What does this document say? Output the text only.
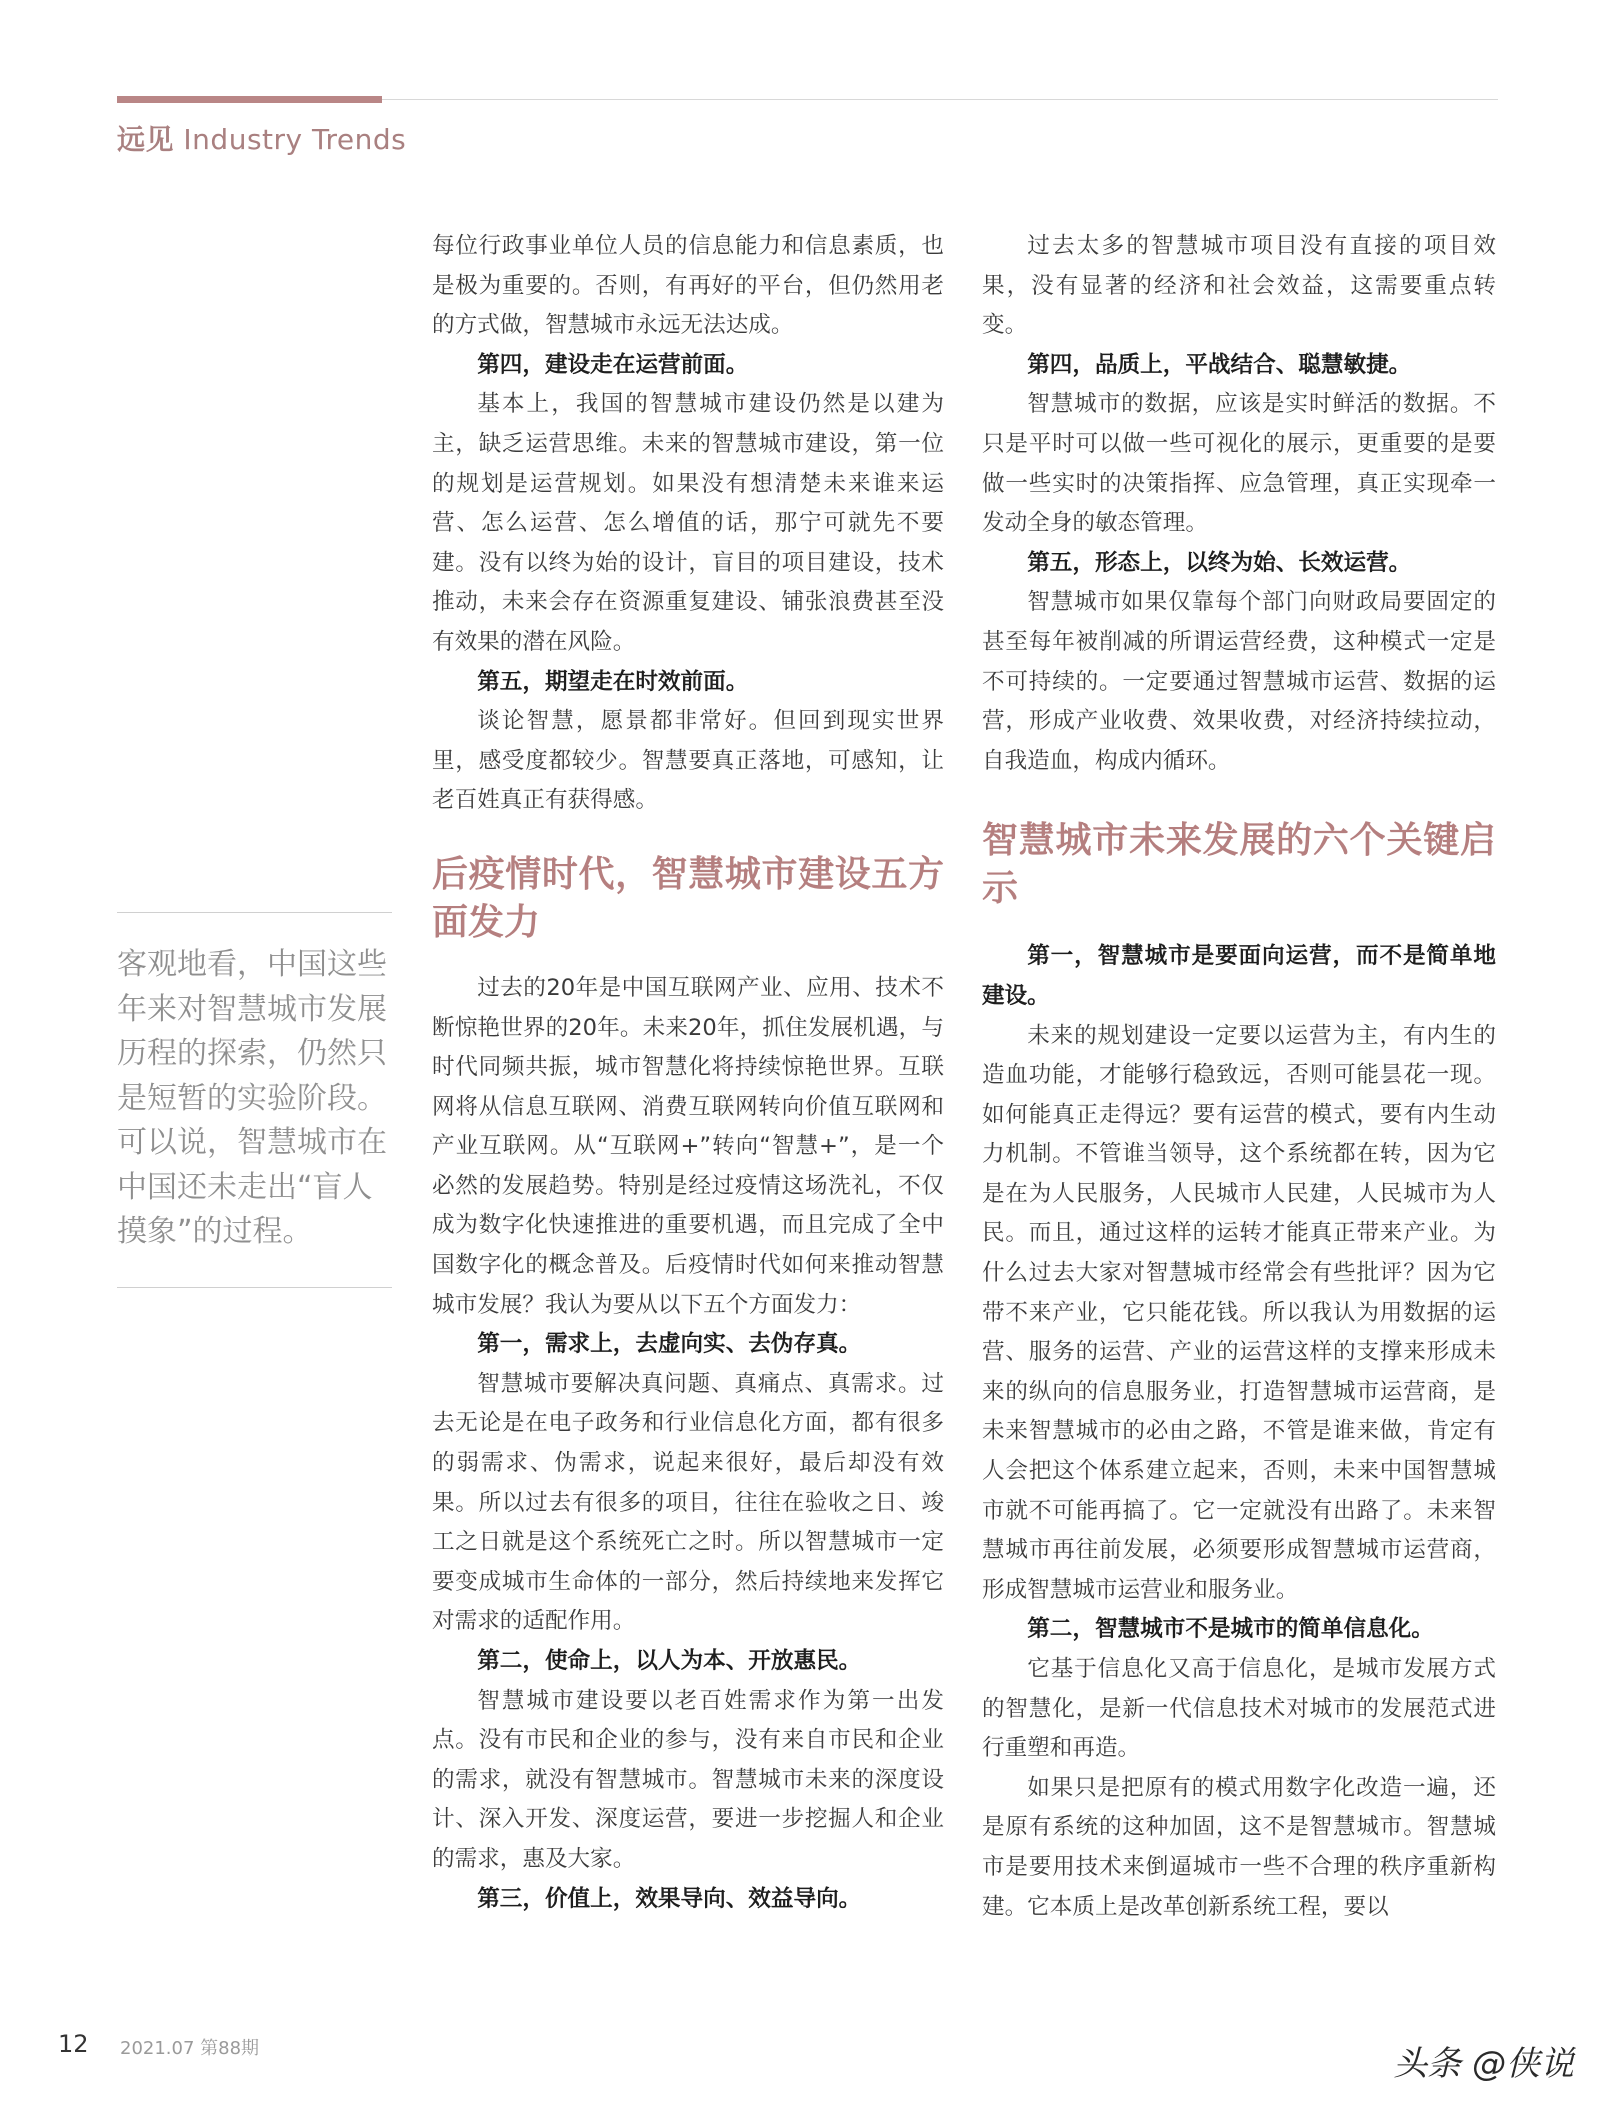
远见 Industry Trends
客观地看，中国这些年来对智慧城市发展历程的探索，仍然只是短暂的实验阶段。可以说，智慧城市在中国还未走出“盲人摸象”的过程。

每位行政事业单位人员的信息能力和信息素质，也是极为重要的。否则，有再好的平台，但仍然用老的方式做，智慧城市永远无法达成。

第四，建设走在运营前面。

基本上，我国的智慧城市建设仍然是以建为主，缺乏运营思维。未来的智慧城市建设，第一位的规划是运营规划。如果没有想清楚未来谁来运营、怎么运营、怎么增值的话，那宁可就先不要建。没有以终为始的设计，盲目的项目建设，技术推动，未来会存在资源重复建设、铺张浪费甚至没有效果的潜在风险。

第五，期望走在时效前面。

谈论智慧，愿景都非常好。但回到现实世界里，感受度都较少。智慧要真正落地，可感知，让老百姓真正有获得感。

后疫情时代，智慧城市建设五方面发力

过去的20年是中国互联网产业、应用、技术不断惊艳世界的20年。未来20年，抓住发展机遇，与时代同频共振，城市智慧化将持续惊艳世界。互联网将从信息互联网、消费互联网转向价值互联网和产业互联网。从“互联网+”转向“智慧+”，是一个必然的发展趋势。特别是经过疫情这场洗礼，不仅成为数字化快速推进的重要机遇，而且完成了全中国数字化的概念普及。后疫情时代如何来推动智慧城市发展？我认为要从以下五个方面发力：

第一，需求上，去虚向实、去伪存真。

智慧城市要解决真问题、真痛点、真需求。过去无论是在电子政务和行业信息化方面，都有很多的弱需求、伪需求，说起来很好，最后却没有效果。所以过去有很多的项目，往往在验收之日、竣工之日就是这个系统死亡之时。所以智慧城市一定要变成城市生命体的一部分，然后持续地来发挥它对需求的适配作用。

第二，使命上，以人为本、开放惠民。

智慧城市建设要以老百姓需求作为第一出发点。没有市民和企业的参与，没有来自市民和企业的需求，就没有智慧城市。智慧城市未来的深度设计、深入开发、深度运营，要进一步挖掘人和企业的需求，惠及大家。

第三，价值上，效果导向、效益导向。

过去太多的智慧城市项目没有直接的项目效果，没有显著的经济和社会效益，这需要重点转变。

第四，品质上，平战结合、聪慧敏捷。

智慧城市的数据，应该是实时鲜活的数据。不只是平时可以做一些可视化的展示，更重要的是要做一些实时的决策指挥、应急管理，真正实现牵一发动全身的敏态管理。

第五，形态上，以终为始、长效运营。

智慧城市如果仅靠每个部门向财政局要固定的甚至每年被削减的所谓运营经费，这种模式一定是不可持续的。一定要通过智慧城市运营、数据的运营，形成产业收费、效果收费，对经济持续拉动，自我造血，构成内循环。

智慧城市未来发展的六个关键启示

第一，智慧城市是要面向运营，而不是简单地建设。

未来的规划建设一定要以运营为主，有内生的造血功能，才能够行稳致远，否则可能昙花一现。如何能真正走得远？要有运营的模式，要有内生动力机制。不管谁当领导，这个系统都在转，因为它是在为人民服务，人民城市人民建，人民城市为人民。而且，通过这样的运转才能真正带来产业。为什么过去大家对智慧城市经常会有些批评？因为它带不来产业，它只能花钱。所以我认为用数据的运营、服务的运营、产业的运营这样的支撑来形成未来的纵向的信息服务业，打造智慧城市运营商，是未来智慧城市的必由之路，不管是谁来做，肯定有人会把这个体系建立起来，否则，未来中国智慧城市就不可能再搞了。它一定就没有出路了。未来智慧城市再往前发展，必须要形成智慧城市运营商，形成智慧城市运营业和服务业。

第二，智慧城市不是城市的简单信息化。

它基于信息化又高于信息化，是城市发展方式的智慧化，是新一代信息技术对城市的发展范式进行重塑和再造。

如果只是把原有的模式用数字化改造一遍，还是原有系统的这种加固，这不是智慧城市。智慧城市是要用技术来倒逼城市一些不合理的秩序重新构建。它本质上是改革创新系统工程，要以

12 2021.07 第88期	头条 @侠说
